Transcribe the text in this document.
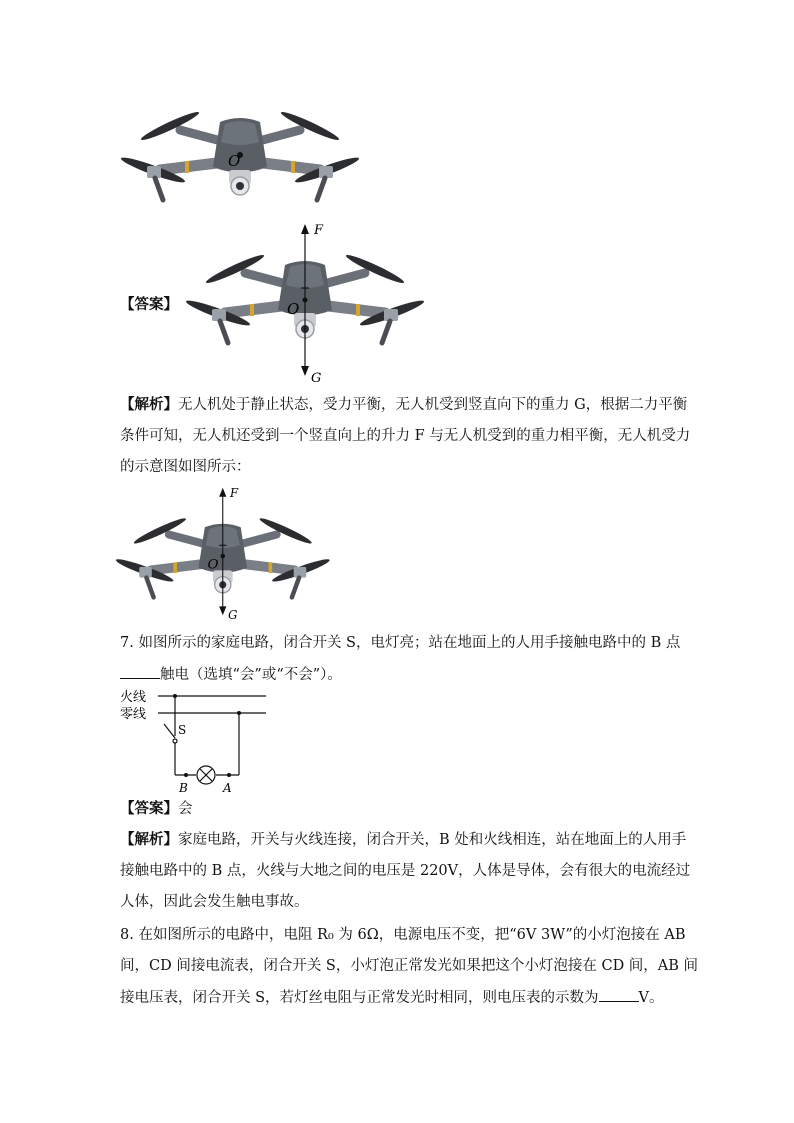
O
【答案】
F
O
G
【解析】无人机处于静止状态，受力平衡，无人机受到竖直向下的重力 G，根据二力平衡
条件可知，无人机还受到一个竖直向上的升力 F 与无人机受到的重力相平衡，无人机受力
的示意图如图所示：
F
O
G
7. 如图所示的家庭电路，闭合开关 S，电灯亮；站在地面上的人用手接触电路中的 B 点
触电（选填“会”或“不会”）。
火线
零线
S
B	A
【答案】会
【解析】家庭电路，开关与火线连接，闭合开关，B 处和火线相连，站在地面上的人用手
接触电路中的 B 点，火线与大地之间的电压是 220V，人体是导体，会有很大的电流经过
人体，因此会发生触电事故。
8. 在如图所示的电路中，电阻 R₀ 为 6Ω，电源电压不变，把“6V 3W”的小灯泡接在 AB
间，CD 间接电流表，闭合开关 S，小灯泡正常发光如果把这个小灯泡接在 CD 间，AB 间
接电压表，闭合开关 S，若灯丝电阻与正常发光时相同，则电压表的示数为	V。
